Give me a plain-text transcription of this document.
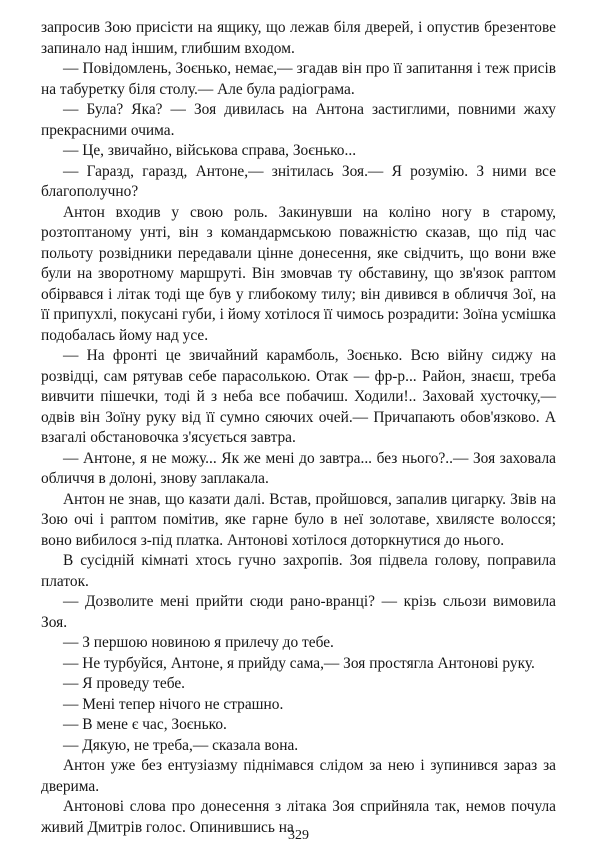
запросив Зою присісти на ящику, що лежав біля дверей, і опустив брезентове запинало над іншим, глибшим входом.

— Повідомлень, Зоєнько, немає,— згадав він про її запитання і теж присів на табуретку біля столу.— Але була радіограма.

— Була? Яка? — Зоя дивилась на Антона застиглими, повними жаху прекрасними очима.

— Це, звичайно, військова справа, Зоєнько...

— Гаразд, гаразд, Антоне,— знітилась Зоя.— Я розумію. З ними все благополучно?

Антон входив у свою роль. Закинувши на коліно ногу в старому, розтоптаному унті, він з командармською поважністю сказав, що під час польоту розвідники передавали цінне донесення, яке свідчить, що вони вже були на зворотному маршруті. Він змовчав ту обставину, що зв'язок раптом обірвався і літак тоді ще був у глибокому тилу; він дивився в обличчя Зої, на її припухлі, покусані губи, і йому хотілося її чимось розрадити: Зоїна усмішка подобалась йому над усе.

— На фронті це звичайний карамболь, Зоєнько. Всю війну сиджу на розвідці, сам рятував себе парасолькою. Отак — фр-р... Район, знаєш, треба вивчити пішечки, тоді й з неба все побачиш. Ходили!.. Заховай хусточку,— одвів він Зоїну руку від її сумно сяючих очей.— Причапають обов'язково. А взагалі обстановочка з'ясується завтра.

— Антоне, я не можу... Як же мені до завтра... без нього?..— Зоя заховала обличчя в долоні, знову заплакала.

Антон не знав, що казати далі. Встав, пройшовся, запалив цигарку. Звів на Зою очі і раптом помітив, яке гарне було в неї золотаве, хвилясте волосся; воно вибилося з-під платка. Антонові хотілося доторкнутися до нього.

В сусідній кімнаті хтось гучно захропів. Зоя підвела голову, поправила платок.

— Дозволите мені прийти сюди рано-вранці? — крізь сльози вимовила Зоя.

— З першою новиною я прилечу до тебе.

— Не турбуйся, Антоне, я прийду сама,— Зоя простягла Антонові руку.

— Я проведу тебе.

— Мені тепер нічого не страшно.

— В мене є час, Зоєнько.

— Дякую, не треба,— сказала вона.

Антон уже без ентузіазму піднімався слідом за нею і зупинився зараз за дверима.

Антонові слова про донесення з літака Зоя сприйняла так, немов почула живий Дмитрів голос. Опинившись на

329
